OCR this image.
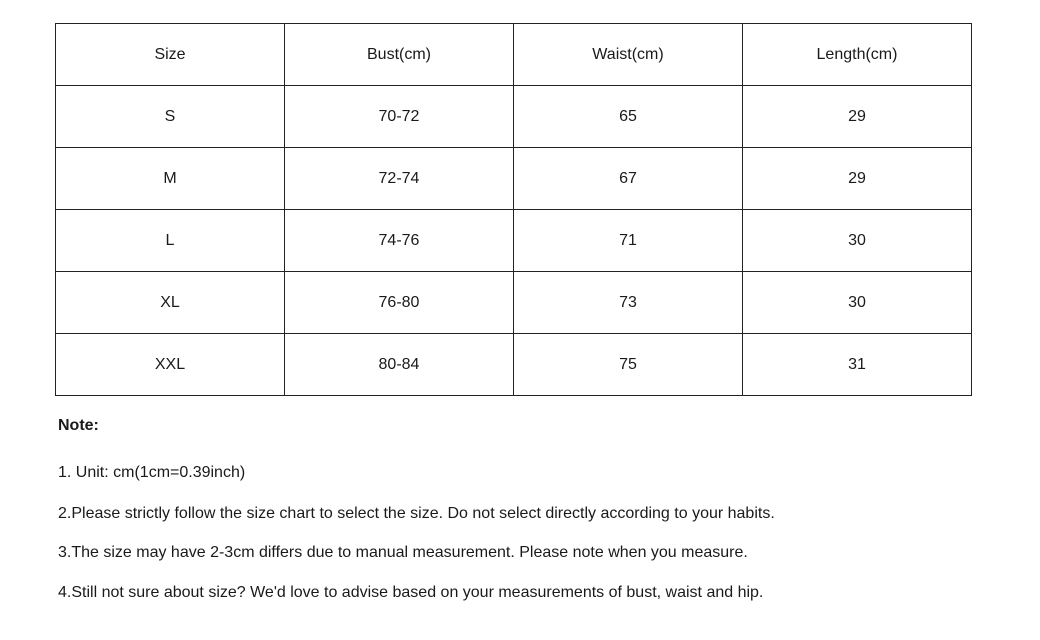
Size	Bust(cm)	Waist(cm)	Length(cm)
S	70-72	65	29
M	72-74	67	29
L	74-76	71	30
XL	76-80	73	30
XXL	80-84	75	31

Note:

1. Unit: cm(1cm=0.39inch)
2.Please strictly follow the size chart to select the size. Do not select directly according to your habits.
3.The size may have 2-3cm differs due to manual measurement. Please note when you measure.
4.Still not sure about size? We'd love to advise based on your measurements of bust, waist and hip.
